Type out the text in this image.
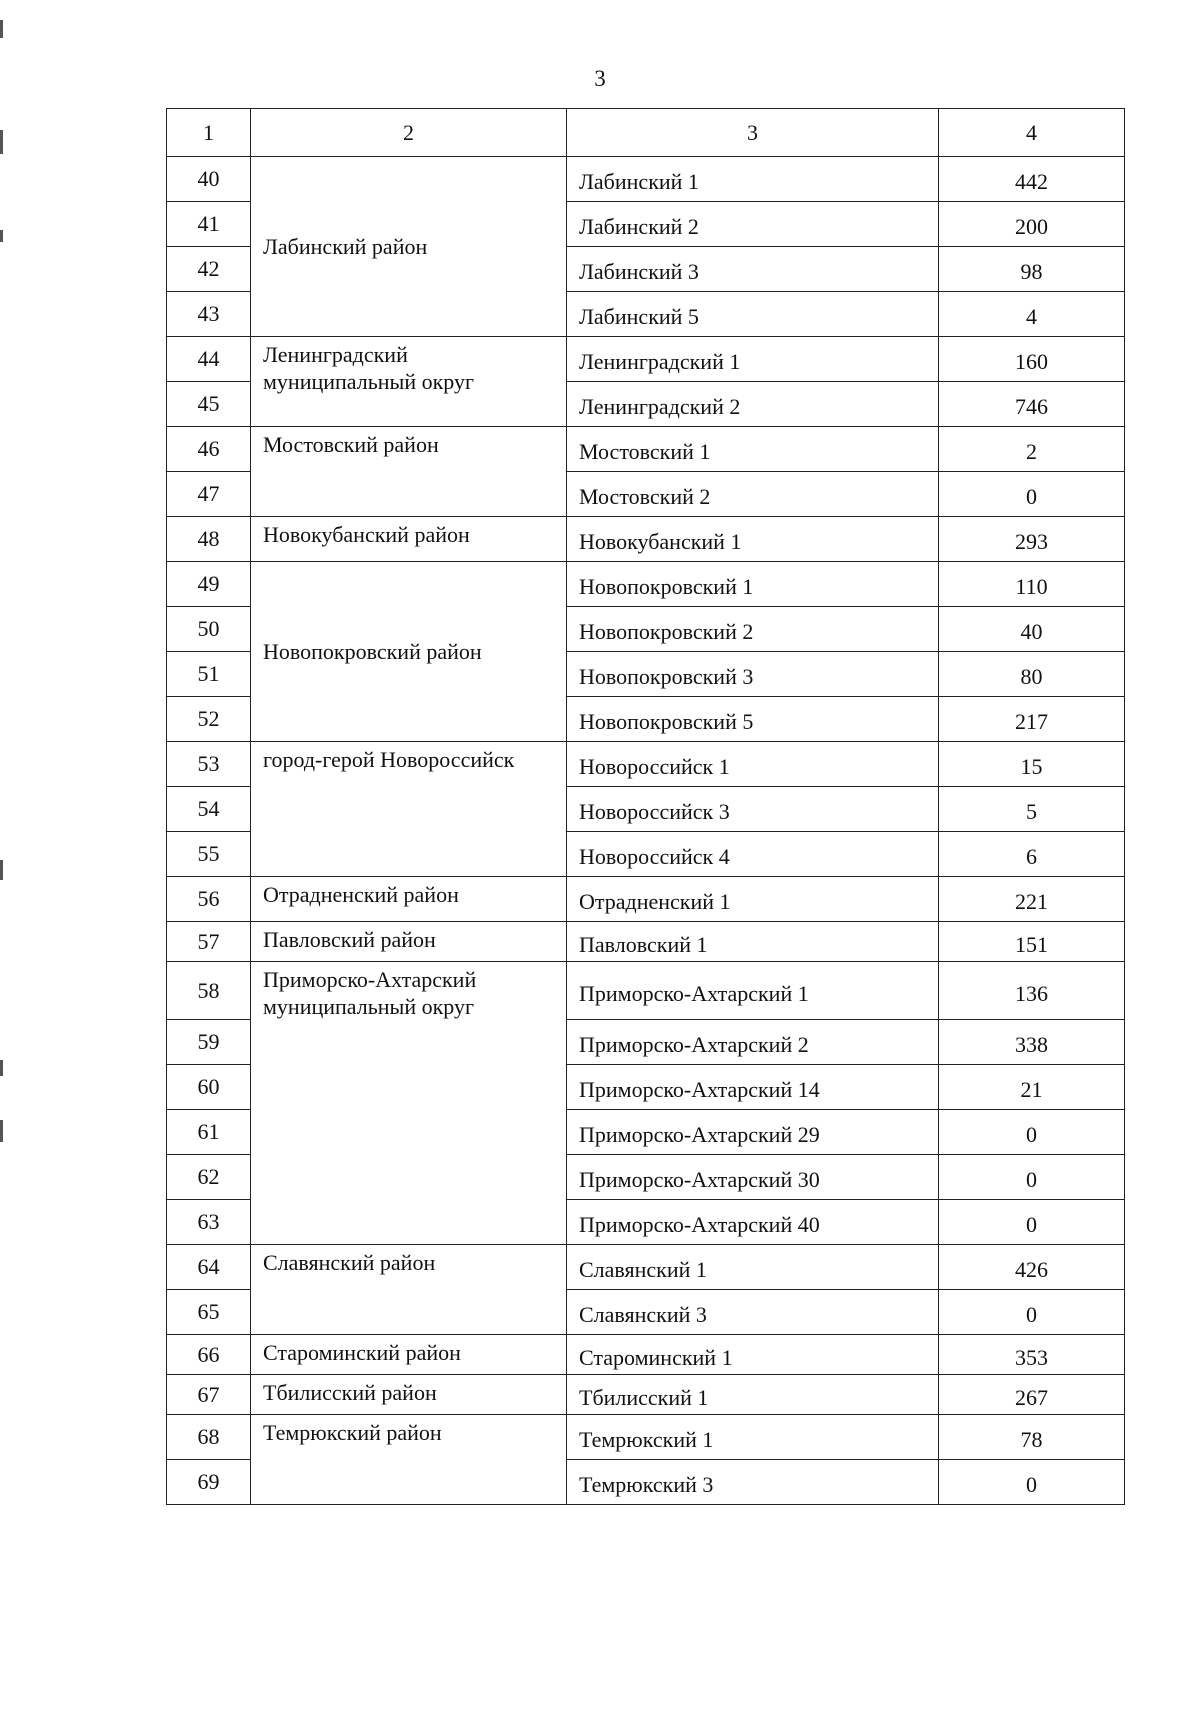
3
1	2	3	4
40	Лабинский район	Лабинский 1	442
41		Лабинский 2	200
42		Лабинский 3	98
43		Лабинский 5	4
44	Ленинградский муниципальный округ	Ленинградский 1	160
45		Ленинградский 2	746
46	Мостовский район	Мостовский 1	2
47		Мостовский 2	0
48	Новокубанский район	Новокубанский 1	293
49	Новопокровский район	Новопокровский 1	110
50		Новопокровский 2	40
51		Новопокровский 3	80
52		Новопокровский 5	217
53	город-герой Новороссийск	Новороссийск 1	15
54		Новороссийск 3	5
55		Новороссийск 4	6
56	Отрадненский район	Отрадненский 1	221
57	Павловский район	Павловский 1	151
58	Приморско-Ахтарский муниципальный округ	Приморско-Ахтарский 1	136
59		Приморско-Ахтарский 2	338
60		Приморско-Ахтарский 14	21
61		Приморско-Ахтарский 29	0
62		Приморско-Ахтарский 30	0
63		Приморско-Ахтарский 40	0
64	Славянский район	Славянский 1	426
65		Славянский 3	0
66	Староминский район	Староминский 1	353
67	Тбилисский район	Тбилисский 1	267
68	Темрюкский район	Темрюкский 1	78
69		Темрюкский 3	0
